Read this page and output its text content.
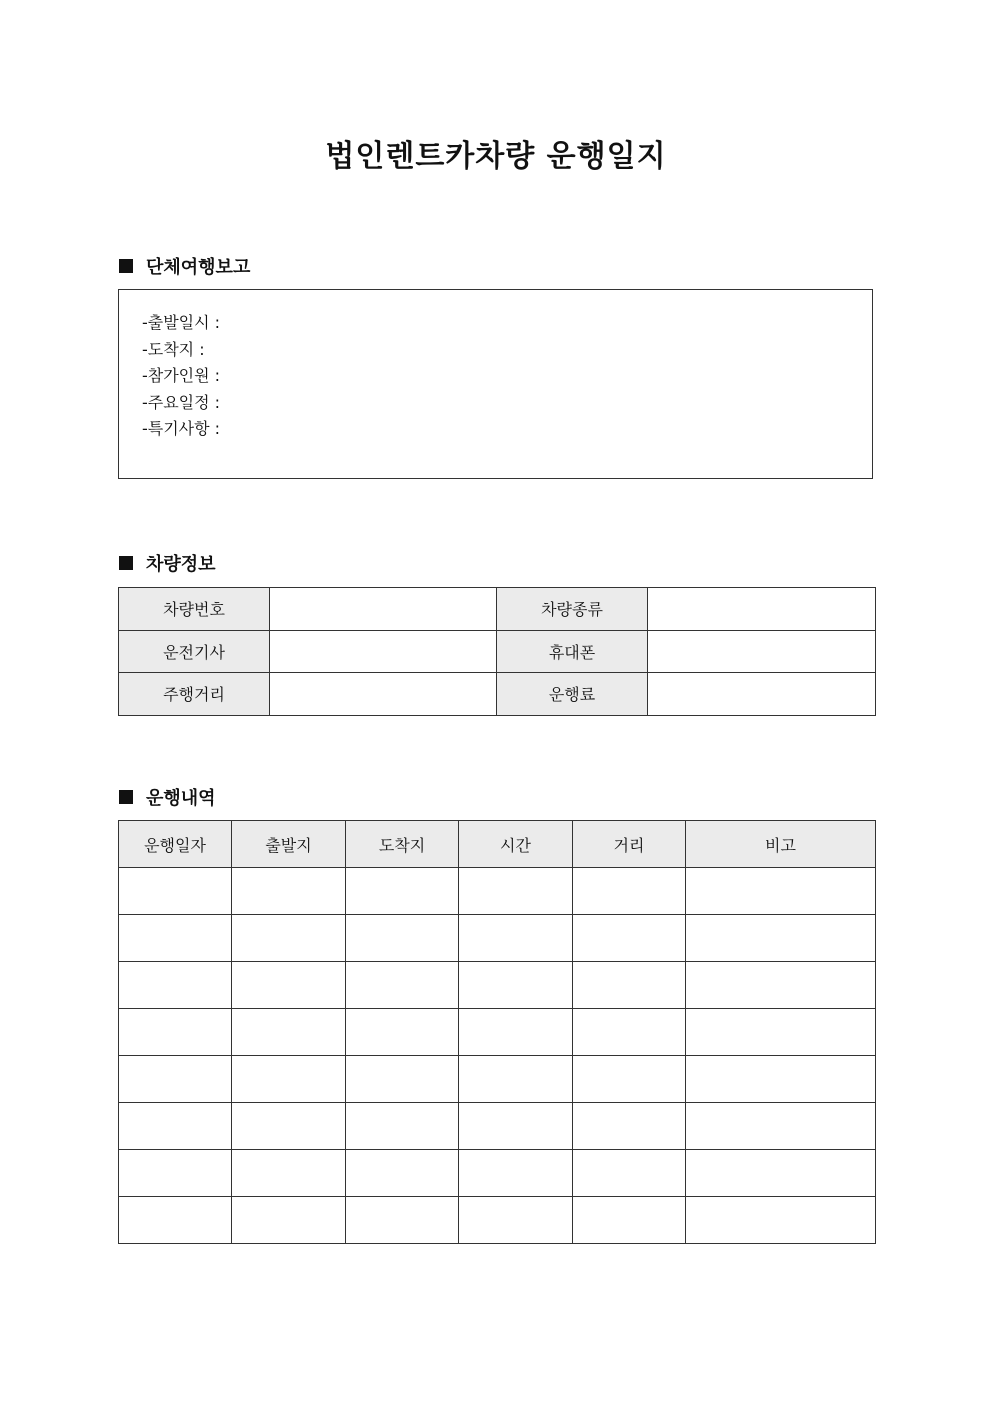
법인렌트카차량 운행일지
단체여행보고
-출발일시 :
-도착지 :
-참가인원 :
-주요일정 :
-특기사항 :
차량정보
차량번호		차량종류	
운전기사		휴대폰	
주행거리		운행료	
운행내역
운행일자	출발지	도착지	시간	거리	비고
